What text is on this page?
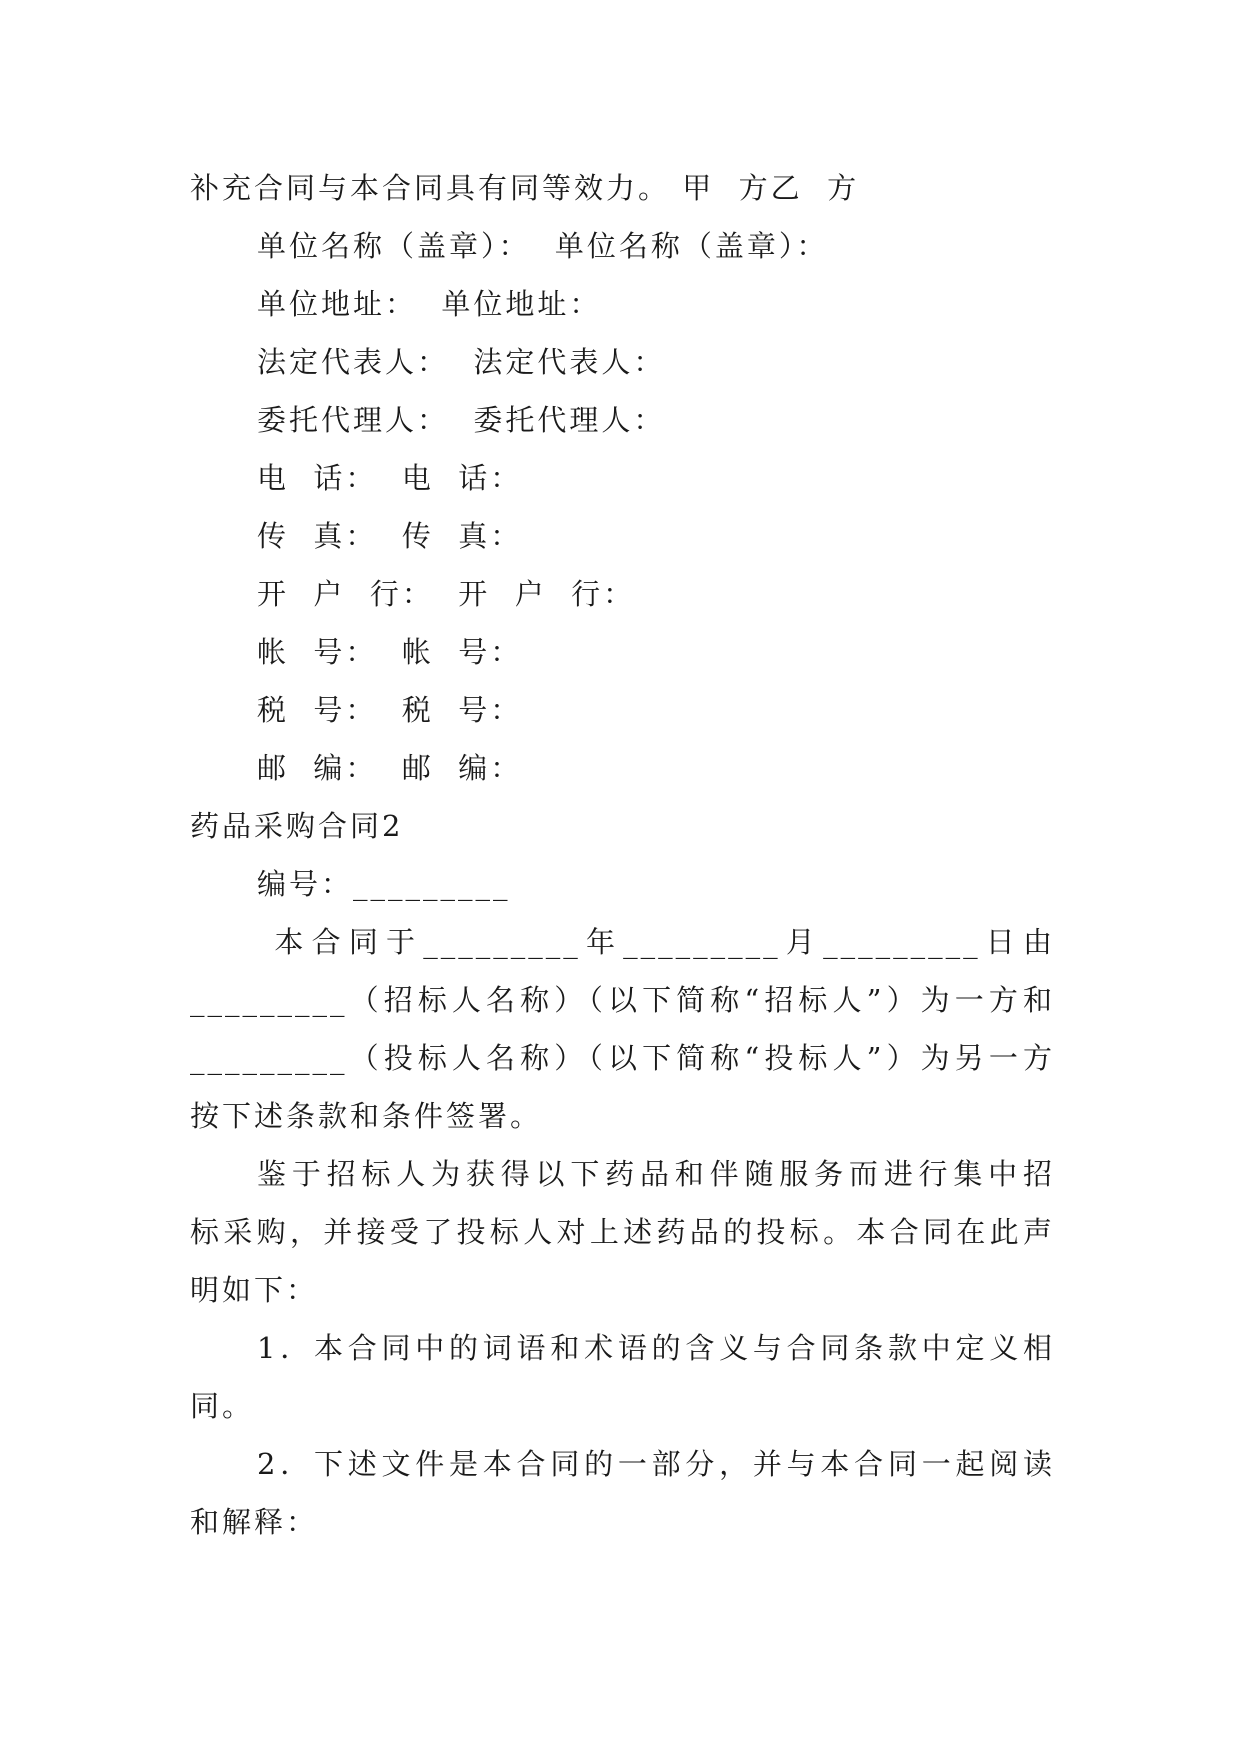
补充合同与本合同具有同等效力。 甲  方乙  方
单位名称（盖章）：  单位名称（盖章）：
单位地址：  单位地址：
法定代表人：  法定代表人：
委托代理人：  委托代理人：
电  话：  电  话：
传  真：  传  真：
开  户  行：  开  户  行：
帐  号：  帐  号：
税  号：  税  号：
邮  编：  邮  编：
药品采购合同2
编号：_________
本合同于_________年_________月_________日由
_________（招标人名称）（以下简称“招标人”）为一方和
_________（投标人名称）（以下简称“投标人”）为另一方
按下述条款和条件签署。
鉴于招标人为获得以下药品和伴随服务而进行集中招
标采购，并接受了投标人对上述药品的投标。本合同在此声
明如下：
1．本合同中的词语和术语的含义与合同条款中定义相
同。
2．下述文件是本合同的一部分，并与本合同一起阅读
和解释：
